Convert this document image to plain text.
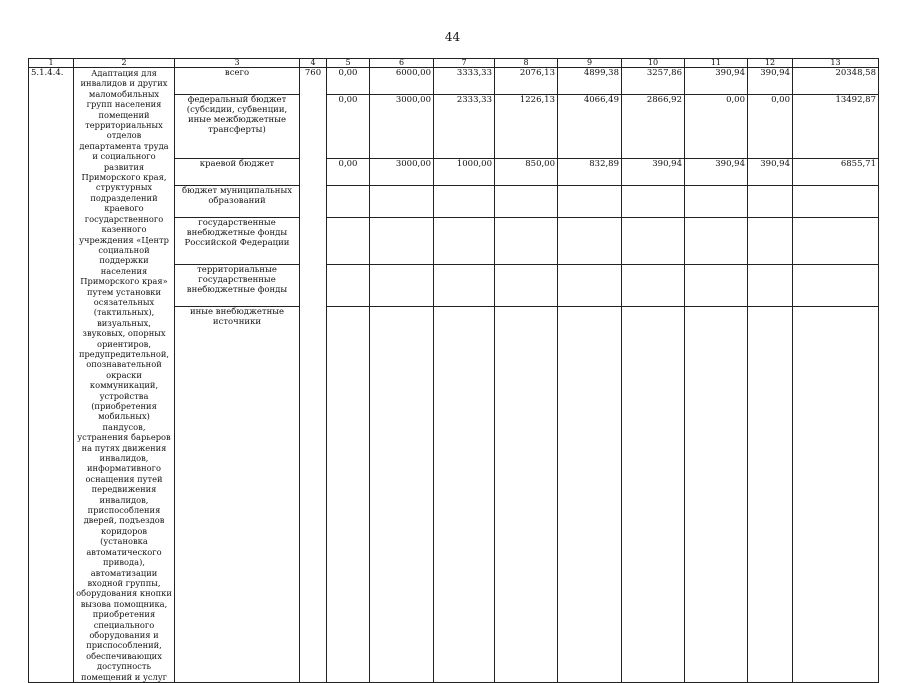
44
1	2	3	4	5	6	7	8	9	10	11	12	13
5.1.4.4.	Адаптация для инвалидов и других маломобильных групп населения помещений территориальных отделов департамента труда и социального развития Приморского края, структурных подразделений краевого государственного казенного учреждения «Центр социальной поддержки населения Приморского края» путем установки осязательных (тактильных), визуальных, звуковых, опорных ориентиров, предупредительной, опознавательной окраски коммуникаций, устройства (приобретения мобильных) пандусов, устранения барьеров на путях движения инвалидов, информативного оснащения путей передвижения инвалидов, приспособления дверей, подъездов коридоров (установка автоматического привода), автоматизации входной группы, оборудования кнопки вызова помощника, приобретения специального оборудования и приспособлений, обеспечивающих доступность помещений и услуг	всего	760	0,00	6000,00	3333,33	2076,13	4899,38	3257,86	390,94	390,94	20348,58
		федеральный бюджет (субсидии, субвенции, иные межбюджетные трансферты)		0,00	3000,00	2333,33	1226,13	4066,49	2866,92	0,00	0,00	13492,87
		краевой бюджет		0,00	3000,00	1000,00	850,00	832,89	390,94	390,94	390,94	6855,71
		бюджет муниципальных образований										
		государственные внебюджетные фонды Российской Федерации										
		территориальные государственные внебюджетные фонды										
		иные внебюджетные источники										
